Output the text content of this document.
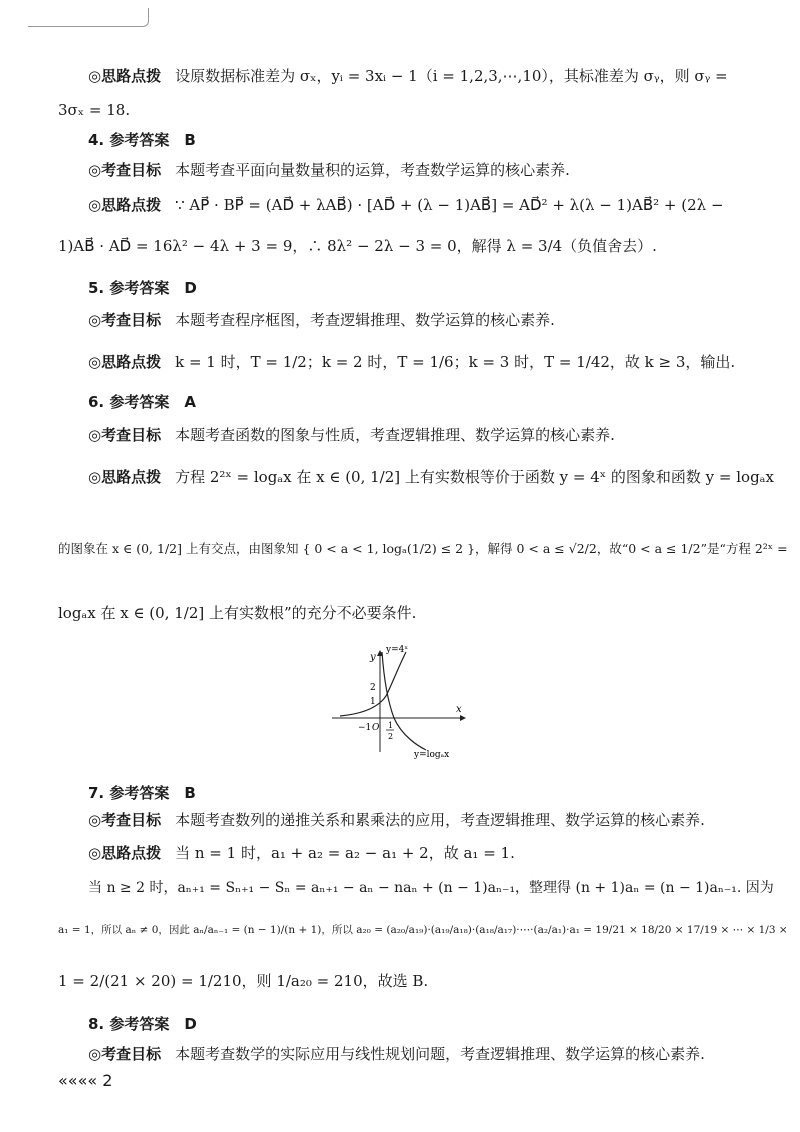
◎思路点拨 设原数据标准差为 σₓ，yᵢ = 3xᵢ − 1（i = 1,2,3,⋯,10），其标准差为 σᵧ，则 σᵧ =
3σₓ = 18.
4. 参考答案　B
◎考查目标 本题考查平面向量数量积的运算，考查数学运算的核心素养.
◎思路点拨 ∵ AP⃗ · BP⃗ = (AD⃗ + λAB⃗) · [AD⃗ + (λ − 1)AB⃗] = AD⃗² + λ(λ − 1)AB⃗² + (2λ −
1)AB⃗ · AD⃗ = 16λ² − 4λ + 3 = 9，∴ 8λ² − 2λ − 3 = 0，解得 λ = 3/4（负值舍去）.
5. 参考答案　D
◎考查目标 本题考查程序框图，考查逻辑推理、数学运算的核心素养.
◎思路点拨 k = 1 时，T = 1/2；k = 2 时，T = 1/6；k = 3 时，T = 1/42，故 k ≥ 3，输出.
6. 参考答案　A
◎考查目标 本题考查函数的图象与性质，考查逻辑推理、数学运算的核心素养.
◎思路点拨 方程 2²ˣ = logₐx 在 x ∈ (0, 1/2] 上有实数根等价于函数 y = 4ˣ 的图象和函数 y = logₐx
的图象在 x ∈ (0, 1/2] 上有交点，由图象知 { 0 < a < 1, logₐ(1/2) ≤ 2 }，解得 0 < a ≤ √2/2，故“0 < a ≤ 1/2”是“方程 2²ˣ =
logₐx 在 x ∈ (0, 1/2] 上有实数根”的充分不必要条件.
y=4ˣ
y
x
2
1
−1 O 1
2
y=logₐx
7. 参考答案　B
◎考查目标 本题考查数列的递推关系和累乘法的应用，考查逻辑推理、数学运算的核心素养.
◎思路点拨 当 n = 1 时，a₁ + a₂ = a₂ − a₁ + 2，故 a₁ = 1.
当 n ≥ 2 时，aₙ₊₁ = Sₙ₊₁ − Sₙ = aₙ₊₁ − aₙ − naₙ + (n − 1)aₙ₋₁，整理得 (n + 1)aₙ = (n − 1)aₙ₋₁. 因为
a₁ = 1，所以 aₙ ≠ 0，因此 aₙ/aₙ₋₁ = (n − 1)/(n + 1)，所以 a₂₀ = (a₂₀/a₁₉)·(a₁₉/a₁₈)·(a₁₈/a₁₇)·⋯·(a₂/a₁)·a₁ = 19/21 × 18/20 × 17/19 × ⋯ × 1/3 ×
1 = 2/(21 × 20) = 1/210，则 1/a₂₀ = 210，故选 B.
8. 参考答案　D
◎考查目标 本题考查数学的实际应用与线性规划问题，考查逻辑推理、数学运算的核心素养.
«««« 2
